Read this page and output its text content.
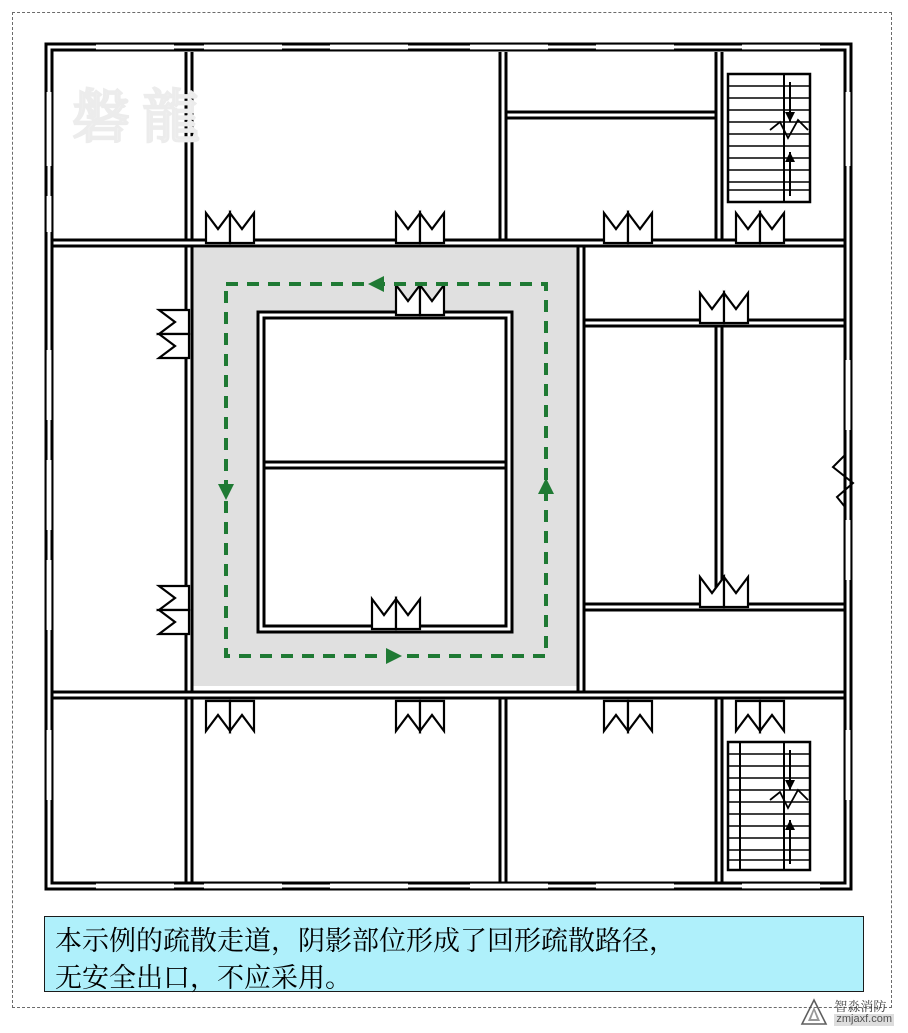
磐龍
本示例的疏散走道，阴影部位形成了回形疏散路径，
无安全出口，不应采用。
智淼消防
zmjaxf.com
